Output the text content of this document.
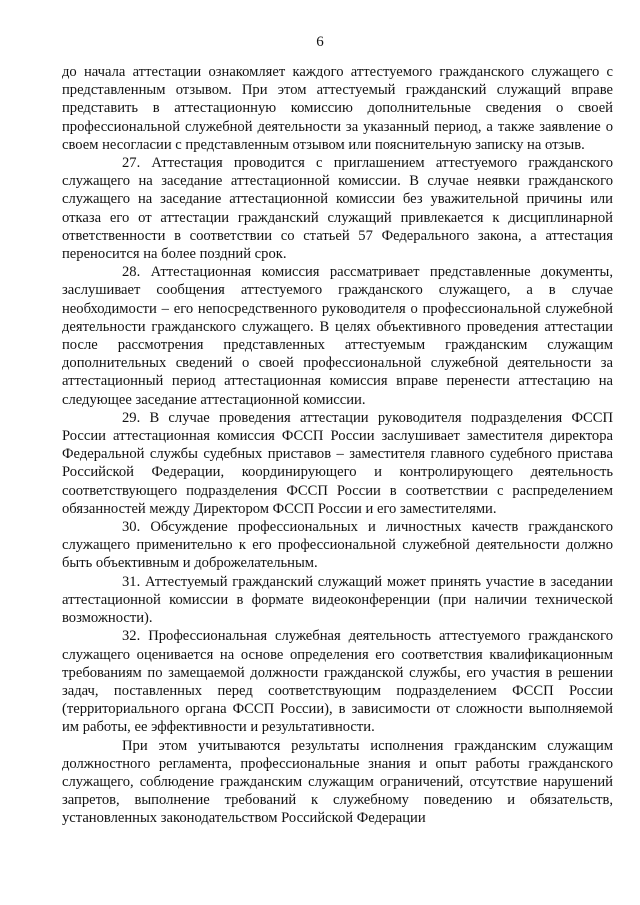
6

до начала аттестации ознакомляет каждого аттестуемого гражданского служащего с представленным отзывом. При этом аттестуемый гражданский служащий вправе представить в аттестационную комиссию дополнительные сведения о своей профессиональной служебной деятельности за указанный период, а также заявление о своем несогласии с представленным отзывом или пояснительную записку на отзыв.

27. Аттестация проводится с приглашением аттестуемого гражданского служащего на заседание аттестационной комиссии. В случае неявки гражданского служащего на заседание аттестационной комиссии без уважительной причины или отказа его от аттестации гражданский служащий привлекается к дисциплинарной ответственности в соответствии со статьей 57 Федерального закона, а аттестация переносится на более поздний срок.

28. Аттестационная комиссия рассматривает представленные документы, заслушивает сообщения аттестуемого гражданского служащего, а в случае необходимости – его непосредственного руководителя о профессиональной служебной деятельности гражданского служащего. В целях объективного проведения аттестации после рассмотрения представленных аттестуемым гражданским служащим дополнительных сведений о своей профессиональной служебной деятельности за аттестационный период аттестационная комиссия вправе перенести аттестацию на следующее заседание аттестационной комиссии.

29. В случае проведения аттестации руководителя подразделения ФССП России аттестационная комиссия ФССП России заслушивает заместителя директора Федеральной службы судебных приставов – заместителя главного судебного пристава Российской Федерации, координирующего и контролирующего деятельность соответствующего подразделения ФССП России в соответствии с распределением обязанностей между Директором ФССП России и его заместителями.

30. Обсуждение профессиональных и личностных качеств гражданского служащего применительно к его профессиональной служебной деятельности должно быть объективным и доброжелательным.

31. Аттестуемый гражданский служащий может принять участие в заседании аттестационной комиссии в формате видеоконференции (при наличии технической возможности).

32. Профессиональная служебная деятельность аттестуемого гражданского служащего оценивается на основе определения его соответствия квалификационным требованиям по замещаемой должности гражданской службы, его участия в решении задач, поставленных перед соответствующим подразделением ФССП России (территориального органа ФССП России), в зависимости от сложности выполняемой им работы, ее эффективности и результативности.

При этом учитываются результаты исполнения гражданским служащим должностного регламента, профессиональные знания и опыт работы гражданского служащего, соблюдение гражданским служащим ограничений, отсутствие нарушений запретов, выполнение требований к служебному поведению и обязательств, установленных законодательством Российской Федерации
